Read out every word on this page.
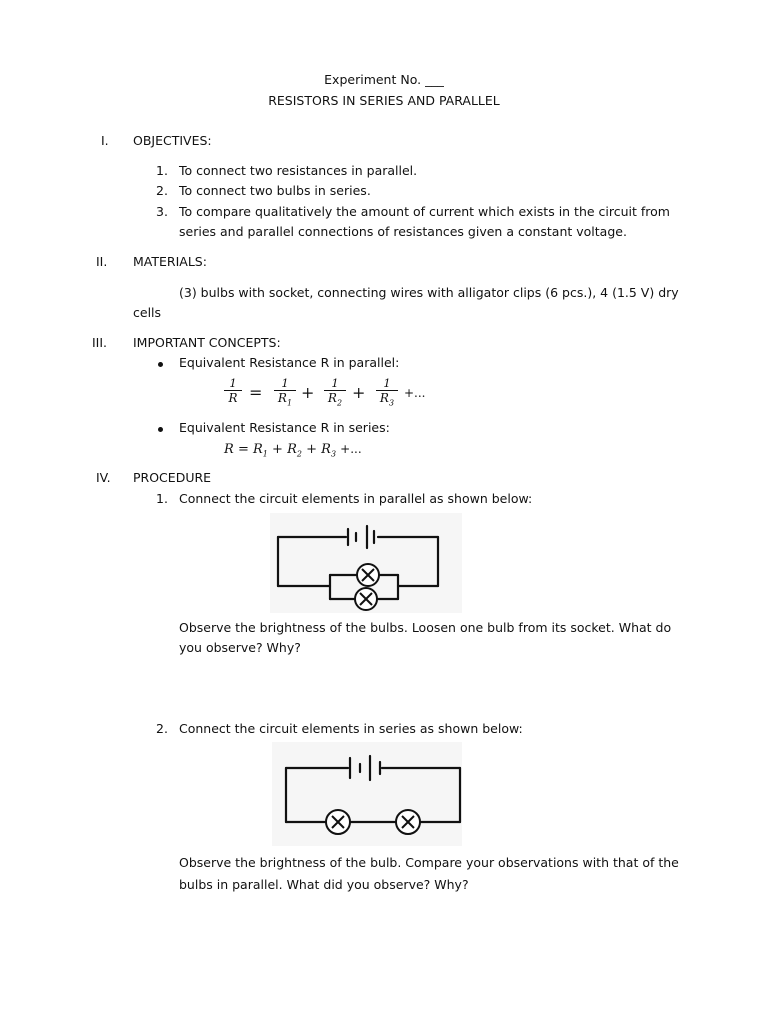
Experiment No. ___
RESISTORS IN SERIES AND PARALLEL
I. OBJECTIVES:
1. To connect two resistances in parallel.
2. To connect two bulbs in series.
3. To compare qualitatively the amount of current which exists in the circuit from
series and parallel connections of resistances given a constant voltage.
II. MATERIALS:
(3) bulbs with socket, connecting wires with alligator clips (6 pcs.), 4 (1.5 V) dry
cells
III. IMPORTANT CONCEPTS:
Equivalent Resistance R in parallel:
1
R =	1
$R_1$
+	1
$R_2$
+	1
$R_3$
+...
Equivalent Resistance R in series:
$R = R_1 + R_2 + R_3$ +...
IV. PROCEDURE
1. Connect the circuit elements in parallel as shown below:
Observe the brightness of the bulbs. Loosen one bulb from its socket. What do
you observe? Why?
2. Connect the circuit elements in series as shown below:
Observe the brightness of the bulb. Compare your observations with that of the
bulbs in parallel. What did you observe? Why?
